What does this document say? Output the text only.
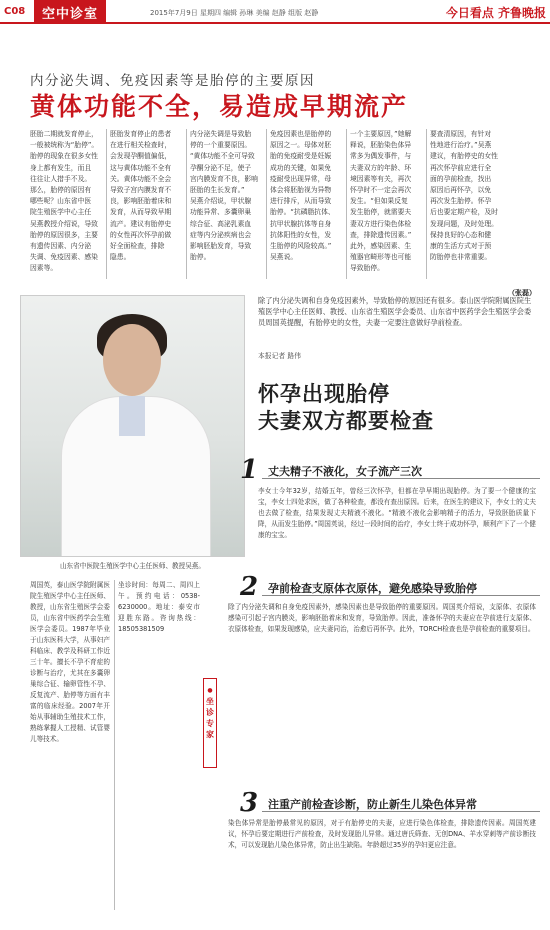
C08	空中诊室	2015年7月9日 星期四 编辑 孙琳 美编 赵静 组版 赵静	今日看点 齐鲁晚报
内分泌失调、免疫因素等是胎停的主要原因
黄体功能不全，易造成早期流产
胚胎二期就发育停止，
一般被统称为“胎停”。
胎停的现象在很多女性
身上都有发生，而且
往往让人措手不及。
那么，胎停的原因有
哪些呢？山东省中医
院生殖医学中心主任
吴燕教授介绍说，导致
胎停的原因很多，主要
有遗传因素、内分泌
失调、免疫因素、感染
因素等。
胚胎发育停止的患者
在进行相关检查时，
会发现孕酮值偏低，
这与黄体功能不全有
关。黄体功能不全会
导致子宫内膜发育不
良，影响胚胎着床和
发育，从而导致早期
流产。建议有胎停史
的女性再次怀孕前做
好全面检查，排除
隐患。
内分泌失调是导致胎
停的一个重要原因。
“黄体功能不全可导致
孕酮分泌不足，使子
宫内膜发育不良，影响
胚胎的生长发育。”
吴燕介绍说，甲状腺
功能异常、多囊卵巢
综合征、高泌乳素血
症等内分泌疾病也会
影响胚胎发育，导致
胎停。
免疫因素也是胎停的
原因之一。母体对胚
胎的免疫耐受是妊娠
成功的关键，如果免
疫耐受出现异常，母
体会将胚胎视为异物
进行排斥，从而导致
胎停。“抗磷脂抗体、
抗甲状腺抗体等自身
抗体阳性的女性，发
生胎停的风险较高。”
吴燕说。
一个主要原因，”她解
释说，胚胎染色体异
常多为偶发事件，与
夫妻双方的年龄、环
境因素等有关，再次
怀孕时不一定会再次
发生。“但如果反复
发生胎停，就需要夫
妻双方进行染色体检
查，排除遗传因素。”
此外，感染因素、生
殖器官畸形等也可能
导致胎停。
要查清原因，有针对
性地进行治疗。”吴燕
建议，有胎停史的女性
再次怀孕前应进行全
面的孕前检查，找出
原因后再怀孕，以免
再次发生胎停。怀孕
后也要定期产检，及时
发现问题，及时处理。
保持良好的心态和健
康的生活方式对于预
防胎停也非常重要。
（张磊）
山东省中医院生殖医学中心主任医师、教授吴燕。
除了内分泌失调和自身免疫因素外，导致胎停的原因还有很多。泰山医学院附属医院生殖医学中心主任医师、教授、山东省生殖医学会委员、山东省中医药学会生殖医学会委员周国英提醒，有胎停史的女性，夫妻一定要注意做好孕前检查。
本报记者 路伟
怀孕出现胎停
夫妻双方都要检查
1 丈夫精子不液化，女子流产三次
李女士今年32岁，结婚五年，曾经三次怀孕，但都在孕早期出现胎停。为了要一个健康的宝宝，李女士四处求医，做了各种检查，都没有查出原因。后来，在医生的建议下，李女士的丈夫也去做了检查，结果发现丈夫精液不液化。“精液不液化会影响精子的活力，导致胚胎质量下降，从而发生胎停。”周国英说，经过一段时间的治疗，李女士终于成功怀孕，顺利产下了一个健康的宝宝。
周国英，泰山医学院附属医院生殖医学中心主任医师、教授，山东省生殖医学会委员，山东省中医药学会生殖医学会委员。1987年毕业于山东医科大学，从事妇产科临床、教学及科研工作近三十年。擅长不孕不育症的诊断与治疗，尤其在多囊卵巢综合征、输卵管性不孕、反复流产、胎停等方面有丰富的临床经验。2007年开始从事辅助生殖技术工作，熟练掌握人工授精、试管婴儿等技术。
坐诊时间：每周二、周四上午。预约电话：0538-6230000。地址：泰安市迎胜东路。咨询热线：18505381509
●
坐诊专家
2 孕前检查支原体衣原体，避免感染导致胎停
除了内分泌失调和自身免疫因素外，感染因素也是导致胎停的重要原因。周国英介绍说，支原体、衣原体感染可引起子宫内膜炎，影响胚胎着床和发育，导致胎停。因此，准备怀孕的夫妻应在孕前进行支原体、衣原体检查，如果发现感染，应夫妻同治，治愈后再怀孕。此外，TORCH检查也是孕前检查的重要项目。
3 注重产前检查诊断，防止新生儿染色体异常
染色体异常是胎停最常见的原因，对于有胎停史的夫妻，应进行染色体检查，排除遗传因素。周国英建议，怀孕后要定期进行产前检查，及时发现胎儿异常。通过唐氏筛查、无创DNA、羊水穿刺等产前诊断技术，可以发现胎儿染色体异常，防止出生缺陷。年龄超过35岁的孕妇更应注意。
